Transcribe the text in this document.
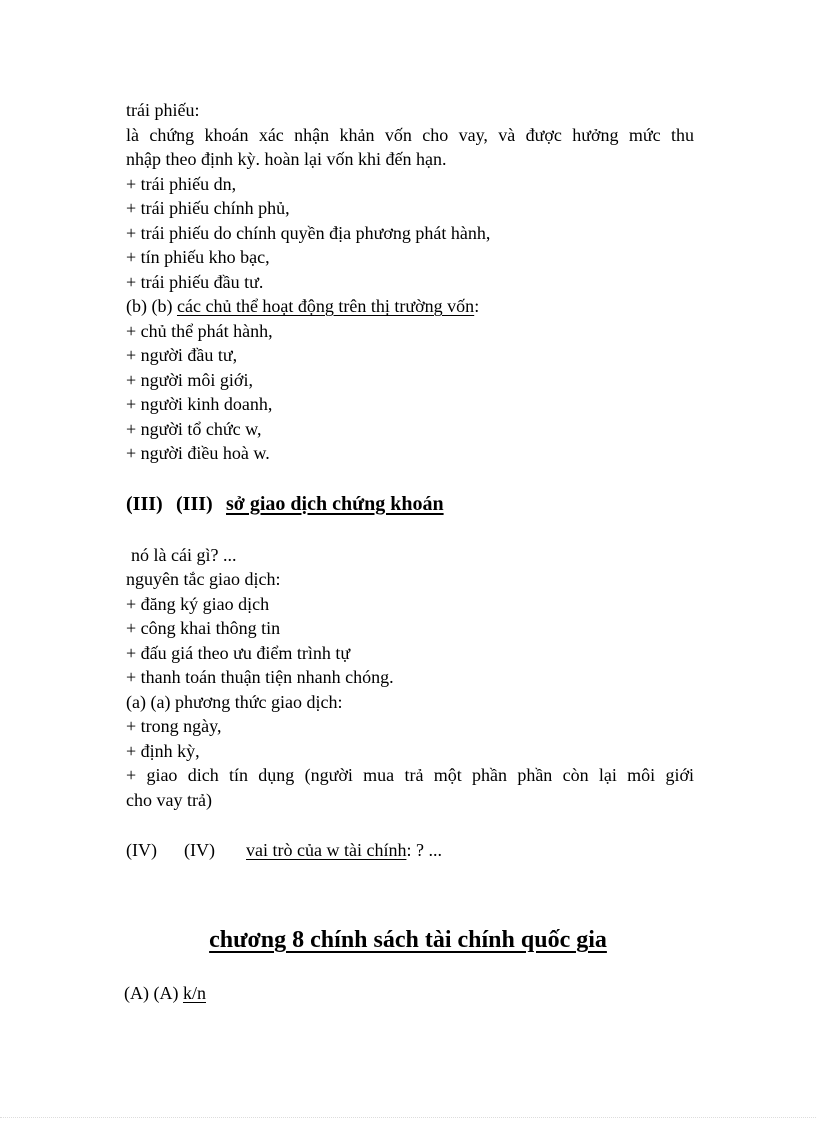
trái phiếu:
là chứng khoán xác nhận khản vốn cho vay, và được hưởng mức thu
nhập theo định kỳ. hoàn lại vốn khi đến hạn.
+ trái phiếu dn,
+ trái phiếu chính phủ,
+ trái phiếu do chính quyền địa phương phát hành,
+ tín phiếu kho bạc,
+ trái phiếu đầu tư.
(b) (b) các chủ thể hoạt động trên thị trường vốn:
+ chủ thể phát hành,
+ người đầu tư,
+ người môi giới,
+ người kinh doanh,
+ người tổ chức w,
+ người điều hoà w.
(III) (III) sở giao dịch chứng khoán
nó là cái gì? ...
nguyên tắc giao dịch:
+ đăng ký giao dịch
+ công khai thông tin
+ đấu giá theo ưu điểm trình tự
+ thanh toán thuận tiện nhanh chóng.
(a) (a) phương thức giao dịch:
+ trong ngày,
+ định kỳ,
+ giao dich tín dụng (người mua trả một phần phần còn lại môi giới
cho vay trả)
(IV) (IV) vai trò của w tài chính: ? ...
chương 8 chính sách tài chính quốc gia
(A) (A) k/n
